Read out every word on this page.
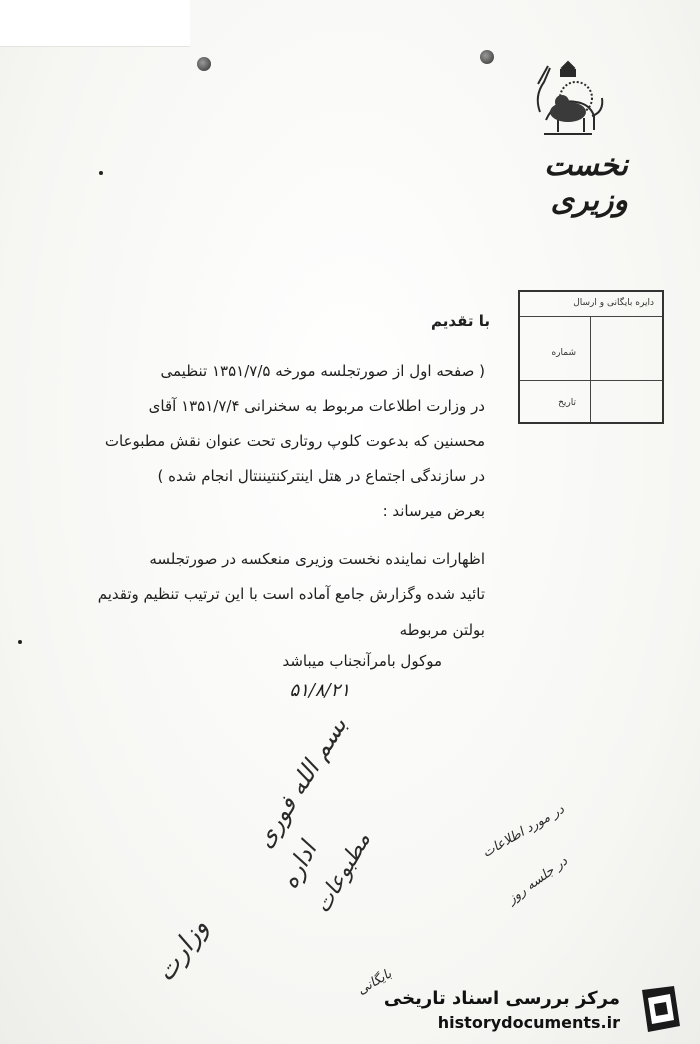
نخست وزیری
دایره بایگانی و ارسال
شماره
تاریخ
با تقدیم
( صفحه اول از صورتجلسه مورخه ۱۳۵۱/۷/۵ تنظیمی
در وزارت اطلاعات مربوط به سخنرانی ۱۳۵۱/۷/۴ آقای
محسنین که بدعوت کلوپ روتاری تحت عنوان نقش مطبوعات
در سازندگی اجتماع در هتل اینترکنتیننتال انجام شده )
بعرض میرساند :
اظهارات نماینده نخست وزیری منعکسه در صورتجلسه
تائید شده وگزارش جامع آماده است با این ترتیب تنظیم وتقدیم
بولتن مربوطه
موکول بامرآنجناب میباشد
۵۱/۸/۲۱
بسم الله فوری
اداره
مطبوعات
وزارت
در مورد اطلاعات
در جلسه روز
بایگانی
مرکز بررسی اسناد تاریخی
historydocuments.ir
